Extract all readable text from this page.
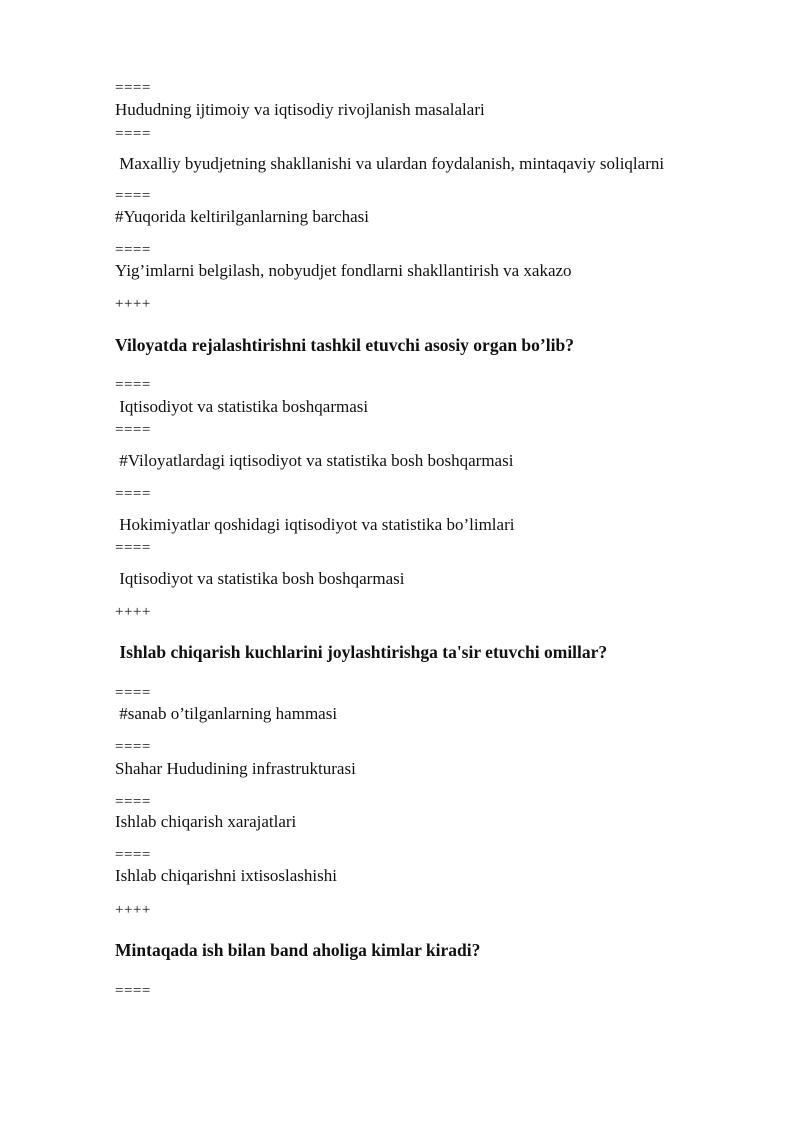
====
Hududning ijtimoiy va iqtisodiy rivojlanish masalalari
====
Maxalliy byudjetning shakllanishi va ulardan foydalanish, mintaqaviy soliqlarni
====
#Yuqorida keltirilganlarning barchasi
====
Yig’imlarni belgilash, nobyudjet fondlarni shakllantirish va xakazo
++++
Viloyatda rejalashtirishni tashkil etuvchi asosiy organ bo’lib?
====
Iqtisodiyot va statistika boshqarmasi
====
#Viloyatlardagi iqtisodiyot va statistika bosh boshqarmasi
====
Hokimiyatlar qoshidagi iqtisodiyot va statistika bo’limlari
====
Iqtisodiyot va statistika bosh boshqarmasi
++++
Ishlab chiqarish kuchlarini joylashtirishga ta'sir etuvchi omillar?
====
#sanab o’tilganlarning hammasi
====
Shahar Hududining infrastrukturasi
====
Ishlab chiqarish xarajatlari
====
Ishlab chiqarishni ixtisoslashishi
++++
Mintaqada ish bilan band aholiga kimlar kiradi?
====
